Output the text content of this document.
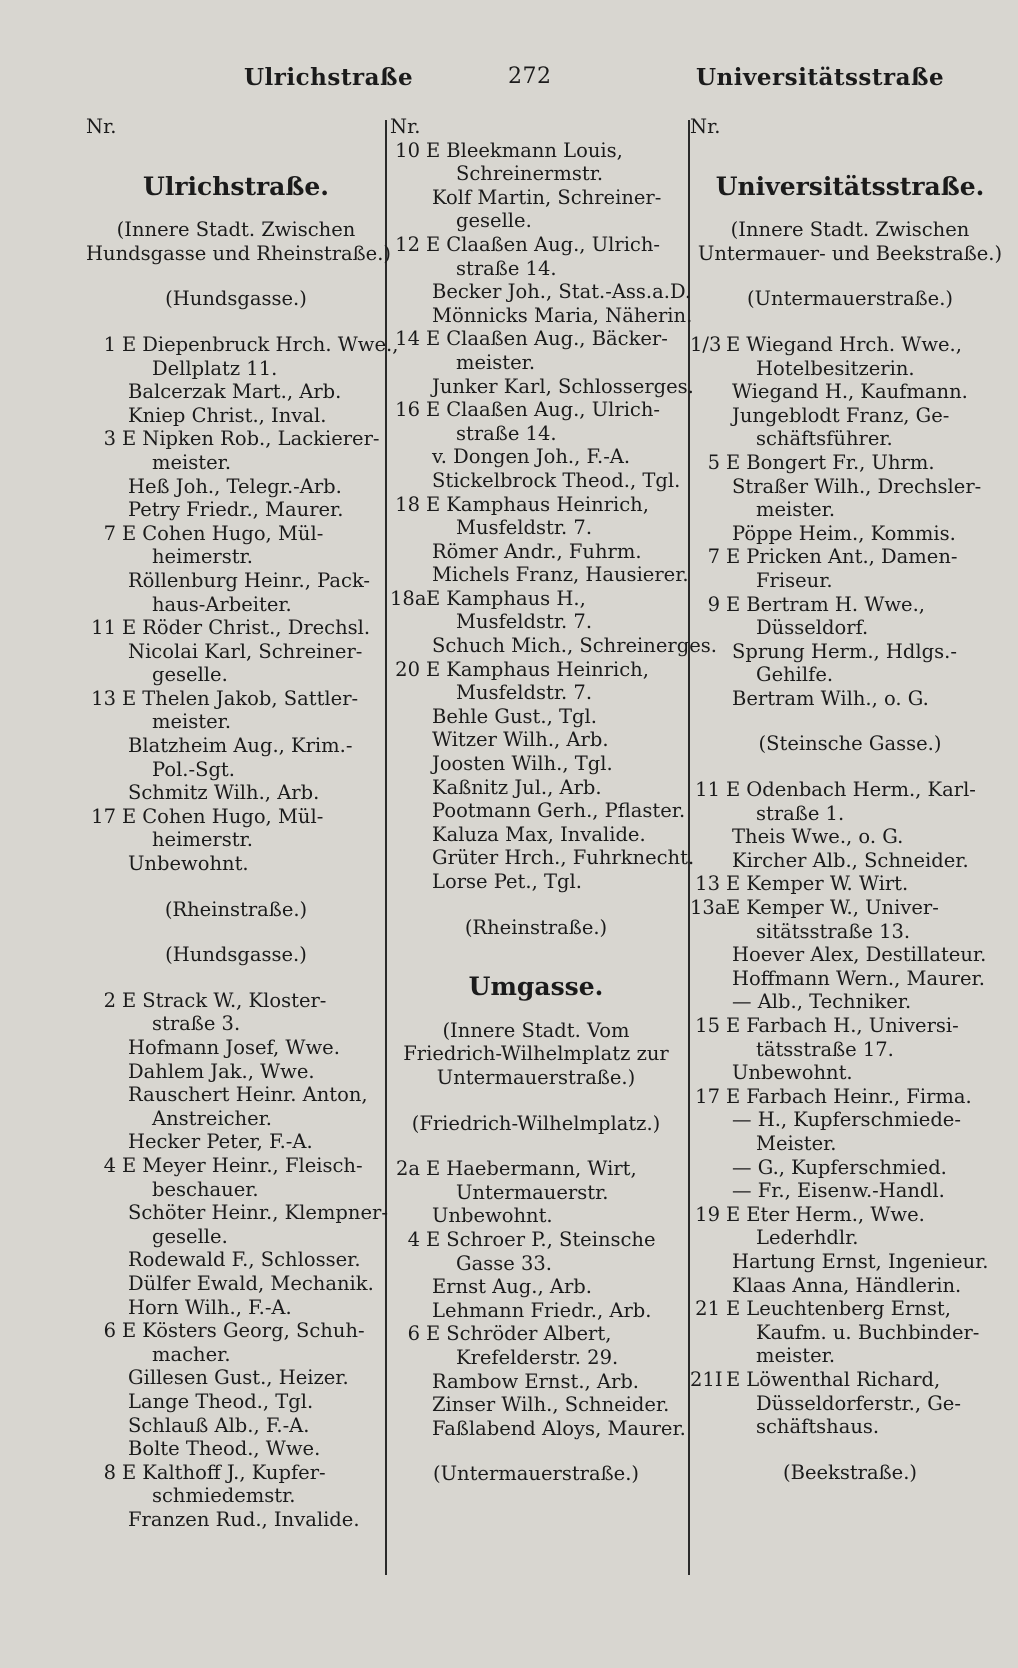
Ulrichstraße	272	Universitätsstraße
Nr.
Ulrichstraße.
(Innere Stadt. Zwischen
Hundsgasse und Rheinstraße.)
(Hundsgasse.)
1 E Diepenbruck Hrch. Wwe.,
Dellplatz 11.
Balcerzak Mart., Arb.
Kniep Christ., Inval.
3 E Nipken Rob., Lackierer-
meister.
Heß Joh., Telegr.-Arb.
Petry Friedr., Maurer.
7 E Cohen Hugo, Mül-
heimerstr.
Röllenburg Heinr., Pack-
haus-Arbeiter.
11 E Röder Christ., Drechsl.
Nicolai Karl, Schreiner-
geselle.
13 E Thelen Jakob, Sattler-
meister.
Blatzheim Aug., Krim.-
Pol.-Sgt.
Schmitz Wilh., Arb.
17 E Cohen Hugo, Mül-
heimerstr.
Unbewohnt.
(Rheinstraße.)
(Hundsgasse.)
2 E Strack W., Kloster-
straße 3.
Hofmann Josef, Wwe.
Dahlem Jak., Wwe.
Rauschert Heinr. Anton,
Anstreicher.
Hecker Peter, F.-A.
4 E Meyer Heinr., Fleisch-
beschauer.
Schöter Heinr., Klempner-
geselle.
Rodewald F., Schlosser.
Dülfer Ewald, Mechanik.
Horn Wilh., F.-A.
6 E Kösters Georg, Schuh-
macher.
Gillesen Gust., Heizer.
Lange Theod., Tgl.
Schlauß Alb., F.-A.
Bolte Theod., Wwe.
8 E Kalthoff J., Kupfer-
schmiedemstr.
Franzen Rud., Invalide.
Nr.
10 E Bleekmann Louis,
Schreinermstr.
Kolf Martin, Schreiner-
geselle.
12 E Claaßen Aug., Ulrich-
straße 14.
Becker Joh., Stat.-Ass.a.D.
Mönnicks Maria, Näherin.
14 E Claaßen Aug., Bäcker-
meister.
Junker Karl, Schlosserges.
16 E Claaßen Aug., Ulrich-
straße 14.
v. Dongen Joh., F.-A.
Stickelbrock Theod., Tgl.
18 E Kamphaus Heinrich,
Musfeldstr. 7.
Römer Andr., Fuhrm.
Michels Franz, Hausierer.
18aE Kamphaus H.,
Musfeldstr. 7.
Schuch Mich., Schreinerges.
20 E Kamphaus Heinrich,
Musfeldstr. 7.
Behle Gust., Tgl.
Witzer Wilh., Arb.
Joosten Wilh., Tgl.
Kaßnitz Jul., Arb.
Pootmann Gerh., Pflaster.
Kaluza Max, Invalide.
Grüter Hrch., Fuhrknecht.
Lorse Pet., Tgl.
(Rheinstraße.)
Umgasse.
(Innere Stadt. Vom
Friedrich-Wilhelmplatz zur
Untermauerstraße.)
(Friedrich-Wilhelmplatz.)
2a E Haebermann, Wirt,
Untermauerstr.
Unbewohnt.
4 E Schroer P., Steinsche
Gasse 33.
Ernst Aug., Arb.
Lehmann Friedr., Arb.
6 E Schröder Albert,
Krefelderstr. 29.
Rambow Ernst., Arb.
Zinser Wilh., Schneider.
Faßlabend Aloys, Maurer.
(Untermauerstraße.)
Nr.
Universitätsstraße.
(Innere Stadt. Zwischen
Untermauer- und Beekstraße.)
(Untermauerstraße.)
1/3 E Wiegand Hrch. Wwe.,
Hotelbesitzerin.
Wiegand H., Kaufmann.
Jungeblodt Franz, Ge-
schäftsführer.
5 E Bongert Fr., Uhrm.
Straßer Wilh., Drechsler-
meister.
Pöppe Heim., Kommis.
7 E Pricken Ant., Damen-
Friseur.
9 E Bertram H. Wwe.,
Düsseldorf.
Sprung Herm., Hdlgs.-
Gehilfe.
Bertram Wilh., o. G.
(Steinsche Gasse.)
11 E Odenbach Herm., Karl-
straße 1.
Theis Wwe., o. G.
Kircher Alb., Schneider.
13 E Kemper W. Wirt.
13aE Kemper W., Univer-
sitätsstraße 13.
Hoever Alex, Destillateur.
Hoffmann Wern., Maurer.
— Alb., Techniker.
15 E Farbach H., Universi-
tätsstraße 17.
Unbewohnt.
17 E Farbach Heinr., Firma.
— H., Kupferschmiede-
Meister.
— G., Kupferschmied.
— Fr., Eisenw.-Handl.
19 E Eter Herm., Wwe.
Lederhdlr.
Hartung Ernst, Ingenieur.
Klaas Anna, Händlerin.
21 E Leuchtenberg Ernst,
Kaufm. u. Buchbinder-
meister.
21I E Löwenthal Richard,
Düsseldorferstr., Ge-
schäftshaus.
(Beekstraße.)
